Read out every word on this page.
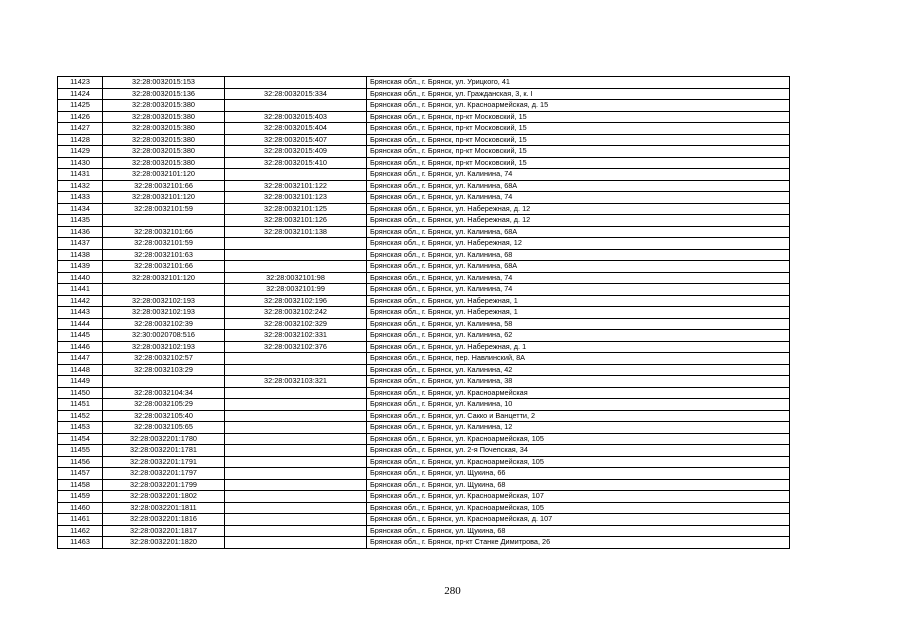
11423	32:28:0032015:153		Брянская обл., г. Брянск, ул. Урицкого, 41
11424	32:28:0032015:136	32:28:0032015:334	Брянская обл., г. Брянск, ул. Гражданская, 3, к. I
11425	32:28:0032015:380		Брянская обл., г. Брянск, ул. Красноармейская, д. 15
11426	32:28:0032015:380	32:28:0032015:403	Брянская обл., г. Брянск, пр-кт Московский, 15
11427	32:28:0032015:380	32:28:0032015:404	Брянская обл., г. Брянск, пр-кт Московский, 15
11428	32:28:0032015:380	32:28:0032015:407	Брянская обл., г. Брянск, пр-кт Московский, 15
11429	32:28:0032015:380	32:28:0032015:409	Брянская обл., г. Брянск, пр-кт Московский, 15
11430	32:28:0032015:380	32:28:0032015:410	Брянская обл., г. Брянск, пр-кт Московский, 15
11431	32:28:0032101:120		Брянская обл., г. Брянск, ул. Калинина, 74
11432	32:28:0032101:66	32:28:0032101:122	Брянская обл., г. Брянск, ул. Калинина, 68А
11433	32:28:0032101:120	32:28:0032101:123	Брянская обл., г. Брянск, ул. Калинина, 74
11434	32:28:0032101:59	32:28:0032101:125	Брянская обл., г. Брянск, ул. Набережная, д. 12
11435		32:28:0032101:126	Брянская обл., г. Брянск, ул. Набережная, д. 12
11436	32:28:0032101:66	32:28:0032101:138	Брянская обл., г. Брянск, ул. Калинина, 68А
11437	32:28:0032101:59		Брянская обл., г. Брянск, ул. Набережная, 12
11438	32:28:0032101:63		Брянская обл., г. Брянск, ул. Калинина, 68
11439	32:28:0032101:66		Брянская обл., г. Брянск, ул. Калинина, 68А
11440	32:28:0032101:120	32:28:0032101:98	Брянская обл., г. Брянск, ул. Калинина, 74
11441		32:28:0032101:99	Брянская обл., г. Брянск, ул. Калинина, 74
11442	32:28:0032102:193	32:28:0032102:196	Брянская обл., г. Брянск, ул. Набережная, 1
11443	32:28:0032102:193	32:28:0032102:242	Брянская обл., г. Брянск, ул. Набережная, 1
11444	32:28:0032102:39	32:28:0032102:329	Брянская обл., г. Брянск, ул. Калинина, 58
11445	32:30:0020708:516	32:28:0032102:331	Брянская обл., г. Брянск, ул. Калинина, 62
11446	32:28:0032102:193	32:28:0032102:376	Брянская обл., г. Брянск, ул. Набережная, д. 1
11447	32:28:0032102:57		Брянская обл., г. Брянск, пер. Навлинский, 8А
11448	32:28:0032103:29		Брянская обл., г. Брянск, ул. Калинина, 42
11449		32:28:0032103:321	Брянская обл., г. Брянск, ул. Калинина, 38
11450	32:28:0032104:34		Брянская обл., г. Брянск, ул. Красноармейская
11451	32:28:0032105:29		Брянская обл., г. Брянск, ул. Калинина, 10
11452	32:28:0032105:40		Брянская обл., г. Брянск, ул. Сакко и Ванцетти, 2
11453	32:28:0032105:65		Брянская обл., г. Брянск, ул. Калинина, 12
11454	32:28:0032201:1780		Брянская обл., г. Брянск, ул. Красноармейская, 105
11455	32:28:0032201:1781		Брянская обл., г. Брянск, ул. 2-я Почепская, 34
11456	32:28:0032201:1791		Брянская обл., г. Брянск, ул. Красноармейская, 105
11457	32:28:0032201:1797		Брянская обл., г. Брянск, ул. Щукина, 66
11458	32:28:0032201:1799		Брянская обл., г. Брянск, ул. Щукина, 68
11459	32:28:0032201:1802		Брянская обл., г. Брянск, ул. Красноармейская, 107
11460	32:28:0032201:1811		Брянская обл., г. Брянск, ул. Красноармейская, 105
11461	32:28:0032201:1816		Брянская обл., г. Брянск, ул. Красноармейская, д. 107
11462	32:28:0032201:1817		Брянская обл., г. Брянск, ул. Щукина, 68
11463	32:28:0032201:1820		Брянская обл., г. Брянск, пр-кт Станке Димитрова, 26
280
